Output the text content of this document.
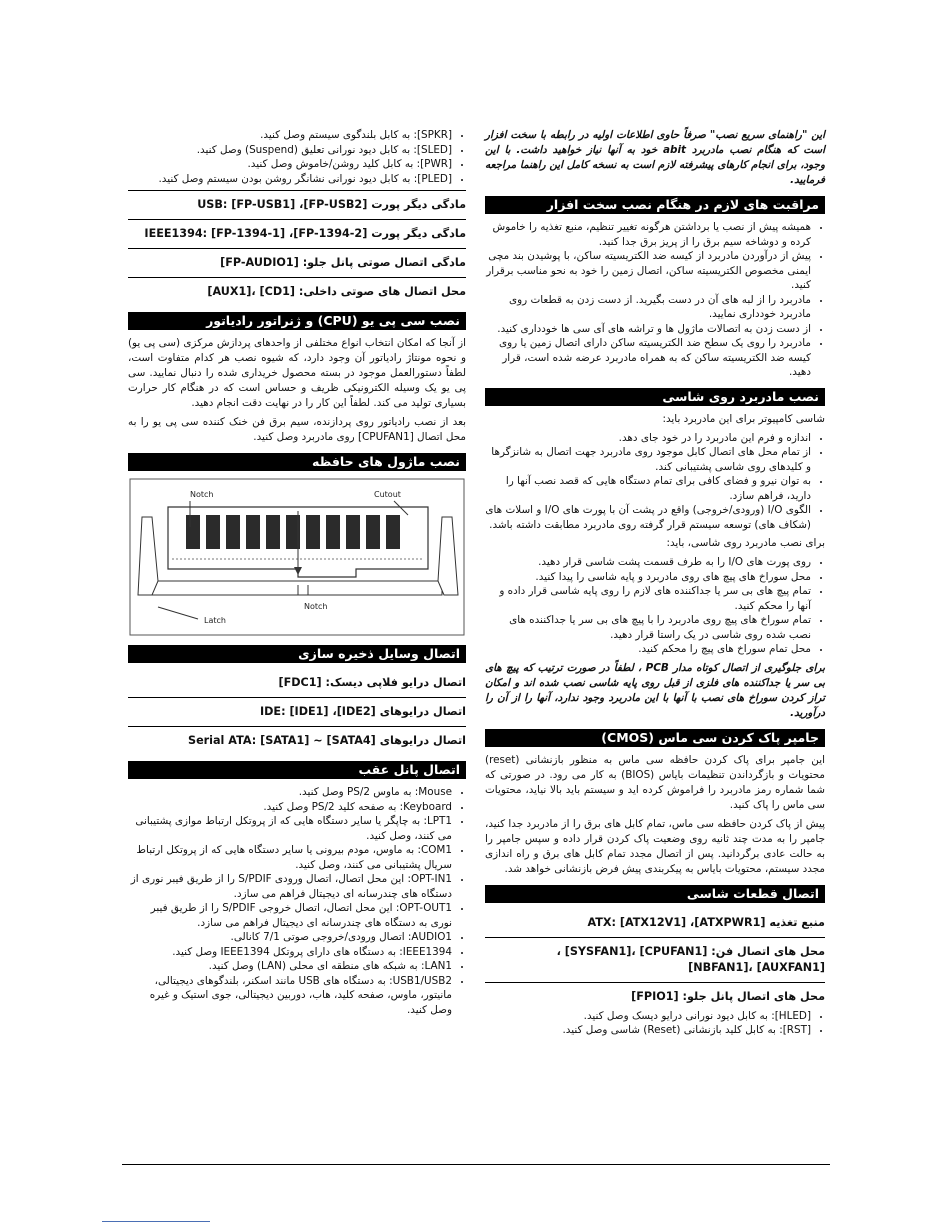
این "راهنمای سریع نصب" صرفاً حاوی اطلاعات اولیه در رابطه با سخت افزار است که هنگام نصب مادربرد abit خود به آنها نیاز خواهید داشت. با این وجود، برای انجام کارهای پیشرفته لازم است به نسخه کامل این راهنما مراجعه فرمایید.

مراقبت های لازم در هنگام نصب سخت افزار
• همیشه پیش از نصب یا برداشتن هرگونه تغییر تنظیم، منبع تغذیه را خاموش کرده و دوشاخه سیم برق را از پریز برق جدا کنید.
• پیش از درآوردن مادربرد از کیسه ضد الکتریسیته ساکن، با پوشیدن بند مچی ایمنی مخصوص الکتریسیته ساکن، اتصال زمین را خود به نحو مناسب برقرار کنید.
• مادربرد را از لبه های آن در دست بگیرید. از دست زدن به قطعات روی مادربرد خودداری نمایید.
• از دست زدن به اتصالات ماژول ها و تراشه های آی سی ها خودداری کنید.
• مادربرد را روی یک سطح ضد الکتریسیته ساکن دارای اتصال زمین یا روی کیسه ضد الکتریسیته ساکن که به همراه مادربرد عرضه شده است، قرار دهید.
نصب مادربرد روی شاسی

شاسی کامپیوتر برای این مادربرد باید:

• اندازه و فرم این مادربرد را در خود جای دهد.
• از تمام محل های اتصال کابل موجود روی مادربرد جهت اتصال به شانزگرها و کلیدهای روی شاسی پشتیبانی کند.
• به توان نیرو و فضای کافی برای تمام دستگاه هایی که قصد نصب آنها را دارید، فراهم سازد.
• الگوی I/O (ورودی/خروجی) واقع در پشت آن با پورت های I/O و اسلات های (شکاف های) توسعه سیستم قرار گرفته روی مادربرد مطابقت داشته باشد.

برای نصب مادربرد روی شاسی، باید:

• روی پورت های I/O را به طرف قسمت پشت شاسی قرار دهید.
• محل سوراخ های پیچ های روی مادربرد و پایه شاسی را پیدا کنید.
• تمام پیچ های بی سر یا جداکننده های لازم را روی پایه شاسی قرار داده و آنها را محکم کنید.
• تمام سوراخ های پیچ روی مادربرد را با پیچ های بی سر یا جداکننده های نصب شده روی شاسی در یک راستا قرار دهید.
• محل تمام سوراخ های پیچ را محکم کنید.

برای جلوگیری از اتصال کوتاه مدار PCB ، لطفاً در صورت ترتیب که پیچ های بی سر یا جداکننده های فلزی از قبل روی پایه شاسی نصب شده اند و امکان تراز کردن سوراخ های نصب با آنها با این مادربرد وجود ندارد، آنها را از آن را درآورید.

جامپر پاک کردن سی ماس (CMOS)

این جامپر برای پاک کردن حافظه سی ماس به منظور بازنشانی (reset) محتویات و بازگرداندن تنظیمات بایاس (BIOS) به کار می رود. در صورتی که شما شماره رمز مادربرد را فراموش کرده اید و سیستم باید بالا نیاید، محتویات سی ماس را پاک کنید.

پیش از پاک کردن حافظه سی ماس، تمام کابل های برق را از مادربرد جدا کنید، جامپر را به مدت چند ثانیه روی وضعیت پاک کردن قرار داده و سپس جامپر را به حالت عادی برگردانید. پس از اتصال مجدد تمام کابل های برق و راه اندازی مجدد سیستم، محتویات بایاس به پیکربندی پیش فرض بازنشانی خواهد شد.

اتصال قطعات شاسی

منبع تغذیه ATX: [ATX12V1] ،[ATXPWR1]

محل های اتصال فن: [CPUFAN1] ،[SYSFAN1] ، [AUXFAN1] ،[NBFAN1]

محل های اتصال پانل جلو: [FPIO1]

• [HLED]: به کابل دیود نورانی درایو دیسک وصل کنید.
• [RST]: به کابل کلید بازنشانی (Reset) شاسی وصل کنید.
• [SPKR]: به کابل بلندگوی سیستم وصل کنید.
• [SLED]: به کابل دیود نورانی تعلیق (Suspend) وصل کنید.
• [PWR]: به کابل کلید روشن/خاموش وصل کنید.
• [PLED]: به کابل دیود نورانی نشانگر روشن بودن سیستم وصل کنید.

مادگی دیگر پورت USB: [FP-USB1] ،[FP-USB2]

مادگی دیگر پورت IEEE1394: [FP-1394-1] ،[FP-1394-2]

مادگی اتصال صوتی پانل جلو: [FP-AUDIO1]

محل اتصال های صوتی داخلی: [CD1] ،[AUX1]

نصب سی پی یو (CPU) و ژنراتور رادیاتور

از آنجا که امکان انتخاب انواع مختلفی از واحدهای پردازش مرکزی (سی پی یو) و نحوه مونتاژ رادیاتور آن وجود دارد، که شیوه نصب هر کدام متفاوت است، لطفاً دستورالعمل موجود در بسته محصول خریداری شده را دنبال نمایید. سی پی یو یک وسیله الکترونیکی ظریف و حساس است که در هنگام کار حرارت بسیاری تولید می کند. لطفاً این کار را در نهایت دقت انجام دهید.

بعد از نصب رادیاتور روی پردازنده، سیم برق فن خنک کننده سی پی یو را به محل اتصال [CPUFAN1] روی مادربرد وصل کنید.

نصب ماژول های حافظه
Notch	Cutout
Notch
Latch
اتصال وسایل ذخیره سازی

اتصال درایو فلاپی دیسک: [FDC1]

اتصال درایوهای IDE: [IDE1] ،[IDE2]

اتصال درایوهای Serial ATA: [SATA1] ~ [SATA4]

اتصال پانل عقب
• Mouse: به ماوس PS/2 وصل کنید.
• Keyboard: به صفحه کلید PS/2 وصل کنید.
• LPT1: به چاپگر یا سایر دستگاه هایی که از پروتکل ارتباط موازی پشتیبانی می کنند، وصل کنید.
• COM1: به ماوس، مودم بیرونی یا سایر دستگاه هایی که از پروتکل ارتباط سریال پشتیبانی می کنند، وصل کنید.
• OPT-IN1: این محل اتصال، اتصال ورودی S/PDIF را از طریق فیبر نوری از دستگاه های چندرسانه ای دیجیتال فراهم می سازد.
• OPT-OUT1: این محل اتصال، اتصال خروجی S/PDIF را از طریق فیبر نوری به دستگاه های چندرسانه ای دیجیتال فراهم می سازد.
• AUDIO1: اتصال ورودی/خروجی صوتی 7/1 کانالی.
• IEEE1394: به دستگاه های دارای پروتکل IEEE1394 وصل کنید.
• LAN1: به شبکه های منطقه ای محلی (LAN) وصل کنید.
• USB1/USB2: به دستگاه های USB مانند اسکنر، بلندگوهای دیجیتالی، مانیتور، ماوس، صفحه کلید، هاب، دوربین دیجیتالی، جوی استیک و غیره وصل کنید.
